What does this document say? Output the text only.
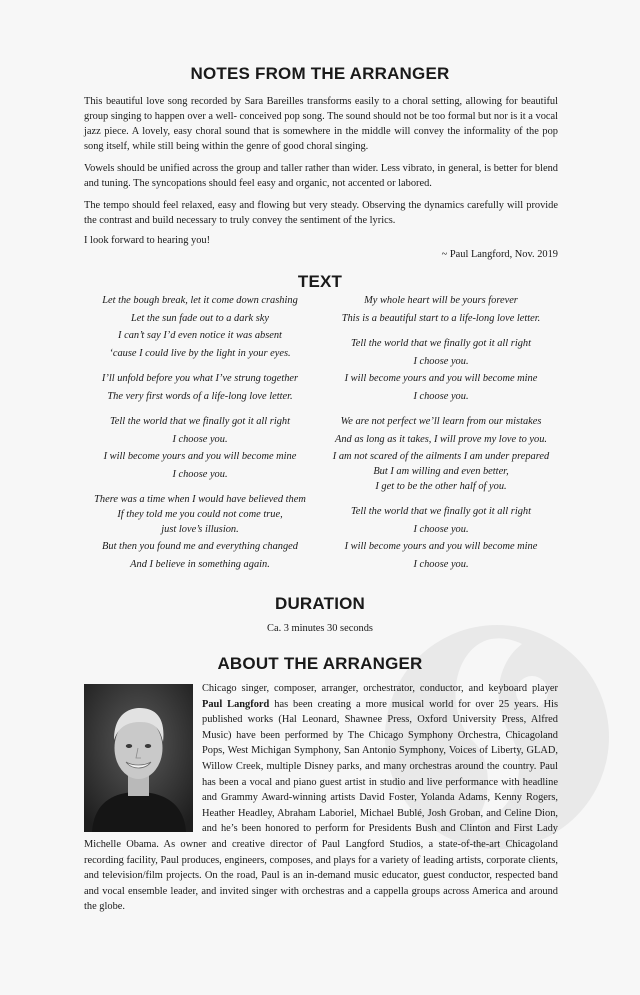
NOTES FROM THE ARRANGER

This beautiful love song recorded by Sara Bareilles transforms easily to a choral setting, allowing for beautiful group singing to happen over a well- conceived pop song. The sound should not be too formal but nor is it a vocal jazz piece. A lovely, easy choral sound that is somewhere in the middle will convey the informality of the pop song itself, while still being within the genre of good choral singing.

Vowels should be unified across the group and taller rather than wider. Less vibrato, in general, is better for blend and tuning. The syncopations should feel easy and organic, not accented or labored.

The tempo should feel relaxed, easy and flowing but very steady. Observing the dynamics carefully will provide the contrast and build necessary to truly convey the sentiment of the lyrics.

I look forward to hearing you!
~ Paul Langford, Nov. 2019
TEXT
Let the bough break, let it come down crashing
Let the sun fade out to a dark sky
I can’t say I’d even notice it was absent
‘cause I could live by the light in your eyes.
I’ll unfold before you what I’ve strung together
The very first words of a life-long love letter.
Tell the world that we finally got it all right
I choose you.
I will become yours and you will become mine
I choose you.
There was a time when I would have believed them
If they told me you could not come true,
just love’s illusion.
But then you found me and everything changed
And I believe in something again.
My whole heart will be yours forever
This is a beautiful start to a life-long love letter.
Tell the world that we finally got it all right
I choose you.
I will become yours and you will become mine
I choose you.
We are not perfect we’ll learn from our mistakes
And as long as it takes, I will prove my love to you.
I am not scared of the ailments I am under prepared
But I am willing and even better,
I get to be the other half of you.
Tell the world that we finally got it all right
I choose you.
I will become yours and you will become mine
I choose you.
DURATION
Ca. 3 minutes 30 seconds
ABOUT THE ARRANGER
Chicago singer, composer, arranger, orchestrator, conductor, and keyboard player Paul Langford has been creating a more musical world for over 25 years. His published works (Hal Leonard, Shawnee Press, Oxford University Press, Alfred Music) have been performed by The Chicago Symphony Orchestra, Chicagoland Pops, West Michigan Symphony, San Antonio Symphony, Voices of Liberty, GLAD, Willow Creek, multiple Disney parks, and many orchestras around the country. Paul has been a vocal and piano guest artist in studio and live performance with headline and Grammy Award-winning artists David Foster, Yolanda Adams, Kenny Rogers, Heather Headley, Abraham Laboriel, Michael Bublé, Josh Groban, and Celine Dion, and he’s been honored to perform for Presidents Bush and Clinton and First Lady Michelle Obama. As owner and creative director of Paul Langford Studios, a state-of-the-art Chicagoland recording facility, Paul produces, engineers, composes, and plays for a variety of leading artists, corporate clients, and television/film projects. On the road, Paul is an in-demand music educator, guest conductor, respected band and vocal ensemble leader, and invited singer with orchestras and a cappella groups across America and around the globe.
